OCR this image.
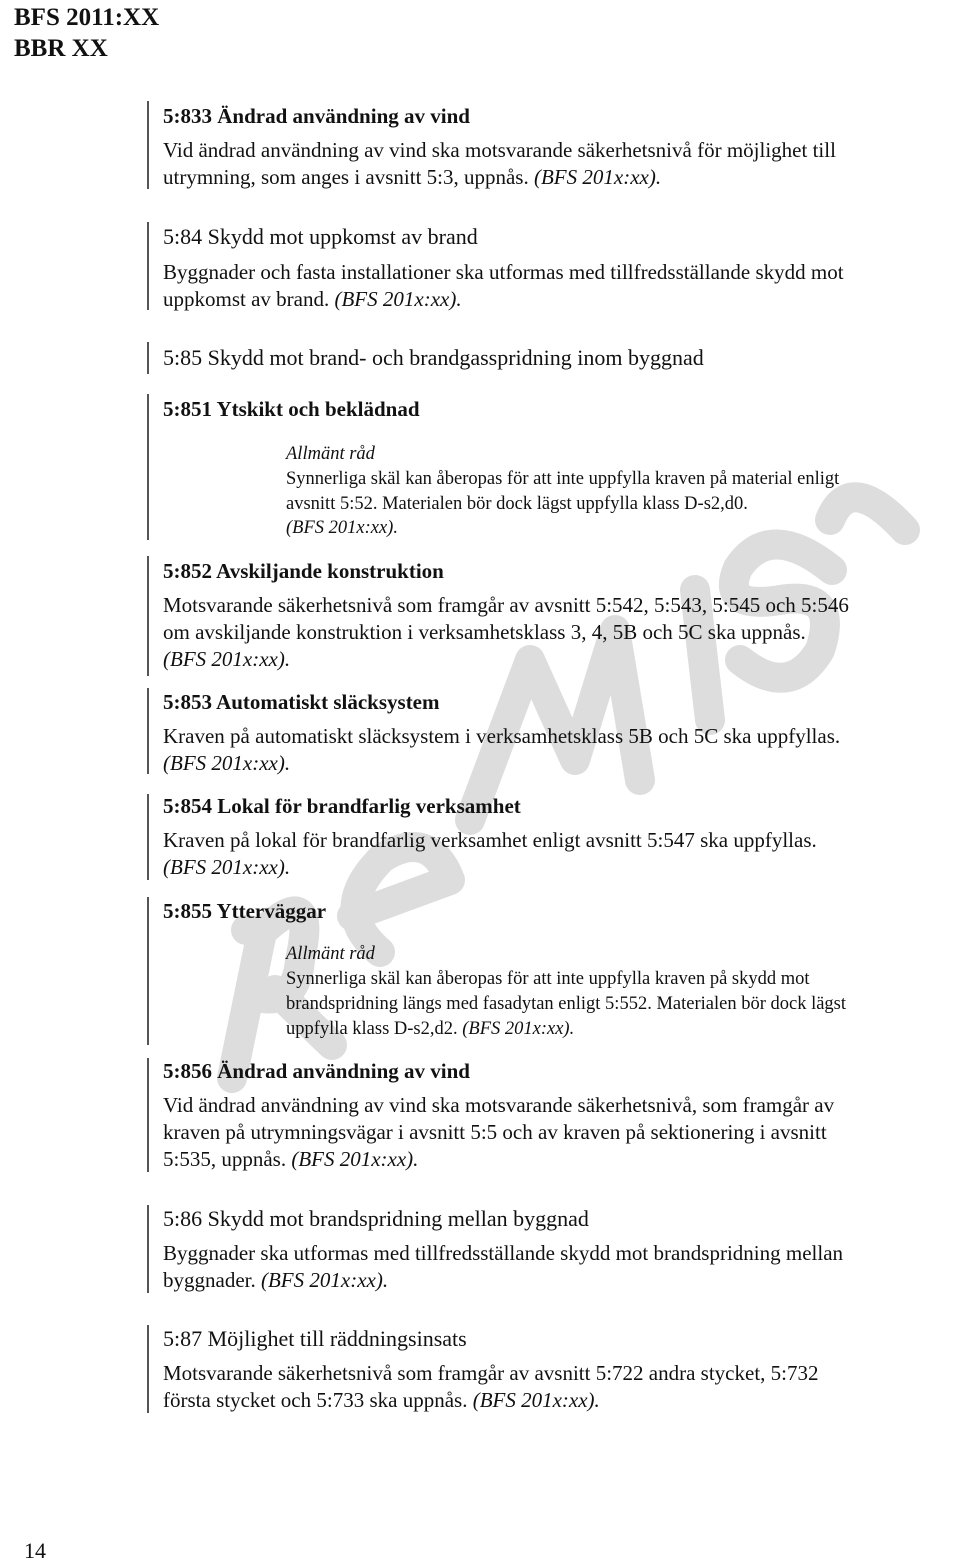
BFS 2011:XX
BBR XX
5:833 Ändrad användning av vind
Vid ändrad användning av vind ska motsvarande säkerhetsnivå för möjlighet till
utrymning, som anges i avsnitt 5:3, uppnås. (BFS 201x:xx).
5:84 Skydd mot uppkomst av brand
Byggnader och fasta installationer ska utformas med tillfredsställande skydd mot
uppkomst av brand. (BFS 201x:xx).
5:85 Skydd mot brand- och brandgasspridning inom byggnad
5:851 Ytskikt och beklädnad
Allmänt råd
Synnerliga skäl kan åberopas för att inte uppfylla kraven på material enligt
avsnitt 5:52. Materialen bör dock lägst uppfylla klass D-s2,d0.
(BFS 201x:xx).
5:852 Avskiljande konstruktion
Motsvarande säkerhetsnivå som framgår av avsnitt 5:542, 5:543, 5:545 och 5:546
om avskiljande konstruktion i verksamhetsklass 3, 4, 5B och 5C ska uppnås.
(BFS 201x:xx).
5:853 Automatiskt släcksystem
Kraven på automatiskt släcksystem i verksamhetsklass 5B och 5C ska uppfyllas.
(BFS 201x:xx).
5:854 Lokal för brandfarlig verksamhet
Kraven på lokal för brandfarlig verksamhet enligt avsnitt 5:547 ska uppfyllas.
(BFS 201x:xx).
5:855 Ytterväggar
Allmänt råd
Synnerliga skäl kan åberopas för att inte uppfylla kraven på skydd mot
brandspridning längs med fasadytan enligt 5:552. Materialen bör dock lägst
uppfylla klass D-s2,d2. (BFS 201x:xx).
5:856 Ändrad användning av vind
Vid ändrad användning av vind ska motsvarande säkerhetsnivå, som framgår av
kraven på utrymningsvägar i avsnitt 5:5 och av kraven på sektionering i avsnitt
5:535, uppnås. (BFS 201x:xx).
5:86 Skydd mot brandspridning mellan byggnad
Byggnader ska utformas med tillfredsställande skydd mot brandspridning mellan
byggnader. (BFS 201x:xx).
5:87 Möjlighet till räddningsinsats
Motsvarande säkerhetsnivå som framgår av avsnitt 5:722 andra stycket, 5:732
första stycket och 5:733 ska uppnås. (BFS 201x:xx).
14
